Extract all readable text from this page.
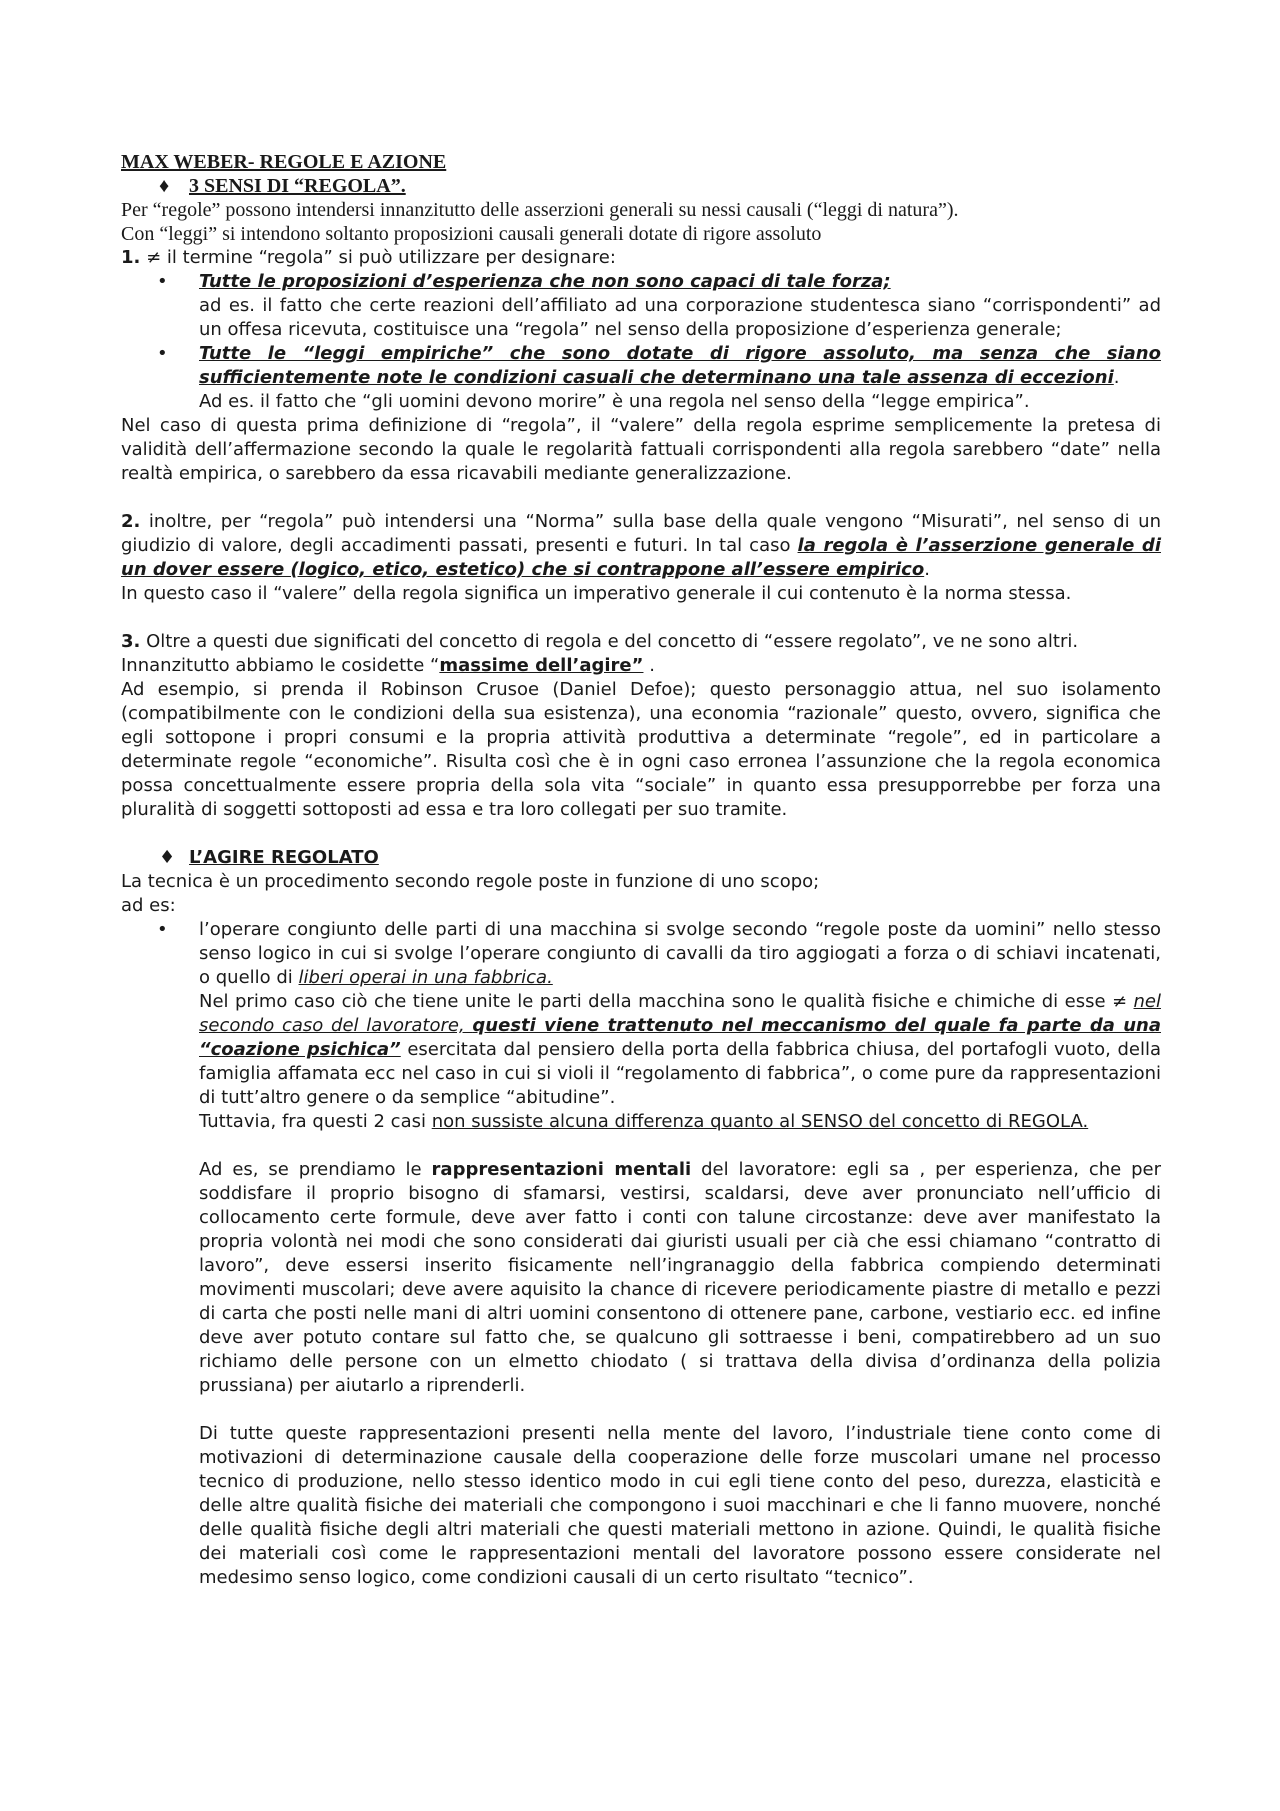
MAX WEBER- REGOLE E AZIONE

♦ 3 SENSI DI “REGOLA”.

Per “regole” possono intendersi innanzitutto delle asserzioni generali su nessi causali (“leggi di natura”).

Con “leggi” si intendono soltanto proposizioni causali generali dotate di rigore assoluto

1. ≠ il termine “regola” si può utilizzare per designare:

• Tutte le proposizioni d’esperienza che non sono capaci di tale forza;

ad es. il fatto che certe reazioni dell’affiliato ad una corporazione studentesca siano “corrispondenti” ad un offesa ricevuta, costituisce una “regola” nel senso della proposizione d’esperienza generale;

• Tutte le “leggi empiriche” che sono dotate di rigore assoluto, ma senza che siano sufficientemente note le condizioni casuali che determinano una tale assenza di eccezioni.

Ad es. il fatto che “gli uomini devono morire” è una regola nel senso della “legge empirica”.

Nel caso di questa prima definizione di “regola”, il “valere” della regola esprime semplicemente la pretesa di validità dell’affermazione secondo la quale le regolarità fattuali corrispondenti alla regola sarebbero “date” nella realtà empirica, o sarebbero da essa ricavabili mediante generalizzazione.

2. inoltre, per “regola” può intendersi una “Norma” sulla base della quale vengono “Misurati”, nel senso di un giudizio di valore, degli accadimenti passati, presenti e futuri. In tal caso la regola è l’asserzione generale di un dover essere (logico, etico, estetico) che si contrappone all’essere empirico.

In questo caso il “valere” della regola significa un imperativo generale il cui contenuto è la norma stessa.

3. Oltre a questi due significati del concetto di regola e del concetto di “essere regolato”, ve ne sono altri.

Innanzitutto abbiamo le cosidette “massime dell’agire” .

Ad esempio, si prenda il Robinson Crusoe (Daniel Defoe); questo personaggio attua, nel suo isolamento (compatibilmente con le condizioni della sua esistenza), una economia “razionale” questo, ovvero, significa che egli sottopone i propri consumi e la propria attività produttiva a determinate “regole”, ed in particolare a determinate regole “economiche”. Risulta così che è in ogni caso erronea l’assunzione che la regola economica possa concettualmente essere propria della sola vita “sociale” in quanto essa presupporrebbe per forza una pluralità di soggetti sottoposti ad essa e tra loro collegati per suo tramite.

♦ L’AGIRE REGOLATO

La tecnica è un procedimento secondo regole poste in funzione di uno scopo;

ad es:

• l’operare congiunto delle parti di una macchina si svolge secondo “regole poste da uomini” nello stesso senso logico in cui si svolge l’operare congiunto di cavalli da tiro aggiogati a forza o di schiavi incatenati, o quello di liberi operai in una fabbrica.

Nel primo caso ciò che tiene unite le parti della macchina sono le qualità fisiche e chimiche di esse ≠ nel secondo caso del lavoratore, questi viene trattenuto nel meccanismo del quale fa parte da una “coazione psichica” esercitata dal pensiero della porta della fabbrica chiusa, del portafogli vuoto, della famiglia affamata ecc nel caso in cui si violi il “regolamento di fabbrica”, o come pure da rappresentazioni di tutt’altro genere o da semplice “abitudine”.

Tuttavia, fra questi 2 casi non sussiste alcuna differenza quanto al SENSO del concetto di REGOLA.

Ad es, se prendiamo le rappresentazioni mentali del lavoratore: egli sa , per esperienza, che per soddisfare il proprio bisogno di sfamarsi, vestirsi, scaldarsi, deve aver pronunciato nell’ufficio di collocamento certe formule, deve aver fatto i conti con talune circostanze: deve aver manifestato la propria volontà nei modi che sono considerati dai giuristi usuali per cià che essi chiamano “contratto di lavoro”, deve essersi inserito fisicamente nell’ingranaggio della fabbrica compiendo determinati movimenti muscolari; deve avere aquisito la chance di ricevere periodicamente piastre di metallo e pezzi di carta che posti nelle mani di altri uomini consentono di ottenere pane, carbone, vestiario ecc. ed infine deve aver potuto contare sul fatto che, se qualcuno gli sottraesse i beni, compatirebbero ad un suo richiamo delle persone con un elmetto chiodato ( si trattava della divisa d’ordinanza della polizia prussiana) per aiutarlo a riprenderli.

Di tutte queste rappresentazioni presenti nella mente del lavoro, l’industriale tiene conto come di motivazioni di determinazione causale della cooperazione delle forze muscolari umane nel processo tecnico di produzione, nello stesso identico modo in cui egli tiene conto del peso, durezza, elasticità e delle altre qualità fisiche dei materiali che compongono i suoi macchinari e che li fanno muovere, nonché delle qualità fisiche degli altri materiali che questi materiali mettono in azione. Quindi, le qualità fisiche dei materiali così come le rappresentazioni mentali del lavoratore possono essere considerate nel medesimo senso logico, come condizioni causali di un certo risultato “tecnico”.
